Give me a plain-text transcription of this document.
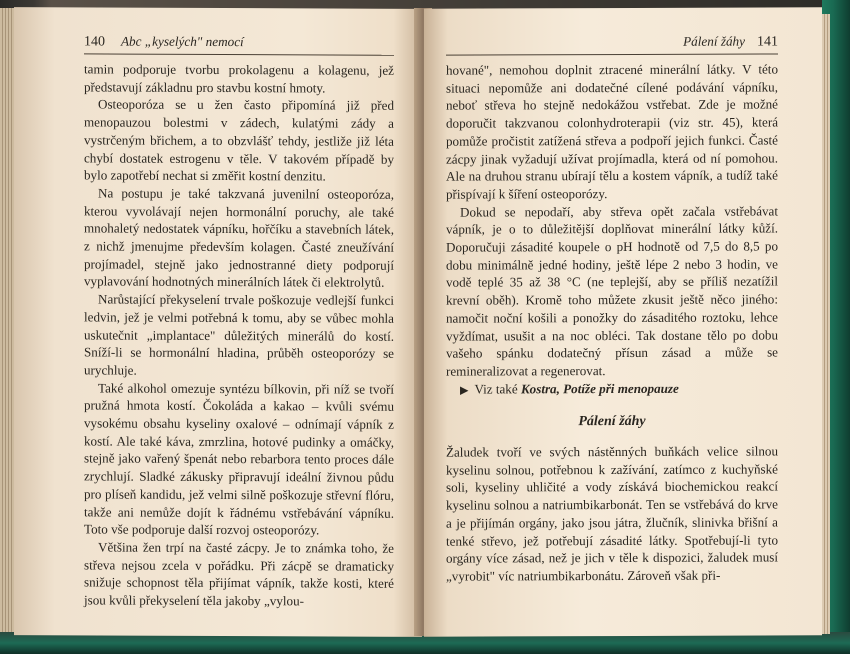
140 Abc „kyselých" nemocí

tamin podporuje tvorbu prokolagenu a kolagenu, jež představují základnu pro stavbu kostní hmoty.

Osteoporóza se u žen často připomíná již před menopauzou bolestmi v zádech, kulatými zády a vystrčeným břichem, a to obzvlášť tehdy, jestliže již léta chybí dostatek estrogenu v těle. V takovém případě by bylo zapotřebí nechat si změřit kostní denzitu.

Na postupu je také takzvaná juvenilní osteoporóza, kterou vyvolávají nejen hormonální poruchy, ale také mnohaletý nedostatek vápníku, hořčíku a stavebních látek, z nichž jmenujme především kolagen. Časté zneužívání projímadel, stejně jako jednostranné diety podporují vyplavování hodnotných minerálních látek či elektrolytů.

Narůstající překyselení trvale poškozuje vedlejší funkci ledvin, jež je velmi potřebná k tomu, aby se vůbec mohla uskutečnit „implantace" důležitých minerálů do kostí. Sníží-li se hormonální hladina, průběh osteoporózy se urychluje.

Také alkohol omezuje syntézu bílkovin, při níž se tvoří pružná hmota kostí. Čokoláda a kakao – kvůli svému vysokému obsahu kyseliny oxalové – odnímají vápník z kostí. Ale také káva, zmrzlina, hotové pudinky a omáčky, stejně jako vařený špenát nebo rebarbora tento proces dále zrychlují. Sladké zákusky připravují ideální živnou půdu pro plíseň kandidu, jež velmi silně poškozuje střevní flóru, takže ani nemůže dojít k řádnému vstřebávání vápníku. Toto vše podporuje další rozvoj osteoporózy.

Většina žen trpí na časté zácpy. Je to známka toho, že střeva nejsou zcela v pořádku. Při zácpě se dramaticky snižuje schopnost těla přijímat vápník, takže kosti, které jsou kvůli překyselení těla jakoby „vylou-

Pálení žáhy 141

hované", nemohou doplnit ztracené minerální látky. V této situaci nepomůže ani dodatečné cílené podávání vápníku, neboť střeva ho stejně nedokážou vstřebat. Zde je možné doporučit takzvanou colonhydroterapii (viz str. 45), která pomůže pročistit zatížená střeva a podpoří jejich funkci. Časté zácpy jinak vyžadují užívat projímadla, která od ní pomohou. Ale na druhou stranu ubírají tělu a kostem vápník, a tudíž také přispívají k šíření osteoporózy.

Dokud se nepodaří, aby střeva opět začala vstřebávat vápník, je o to důležitější doplňovat minerální látky kůží. Doporučuji zásadité koupele o pH hodnotě od 7,5 do 8,5 po dobu minimálně jedné hodiny, ještě lépe 2 nebo 3 hodin, ve vodě teplé 35 až 38 °C (ne teplejší, aby se příliš nezatížil krevní oběh). Kromě toho můžete zkusit ještě něco jiného: namočit noční košili a ponožky do zásaditého roztoku, lehce vyždímat, usušit a na noc obléci. Tak dostane tělo po dobu vašeho spánku dodatečný přísun zásad a může se remineralizovat a regenerovat.

▶ Viz také Kostra, Potíže při menopauze

Pálení žáhy

Žaludek tvoří ve svých nástěnných buňkách velice silnou kyselinu solnou, potřebnou k zažívání, zatímco z kuchyňské soli, kyseliny uhličité a vody získává biochemickou reakcí kyselinu solnou a natriumbikarbonát. Ten se vstřebává do krve a je přijímán orgány, jako jsou játra, žlučník, slinivka břišní a tenké střevo, jež potřebují zásadité látky. Spotřebují-li tyto orgány více zásad, než je jich v těle k dispozici, žaludek musí „vyrobit" víc natriumbikarbonátu. Zároveň však při-
